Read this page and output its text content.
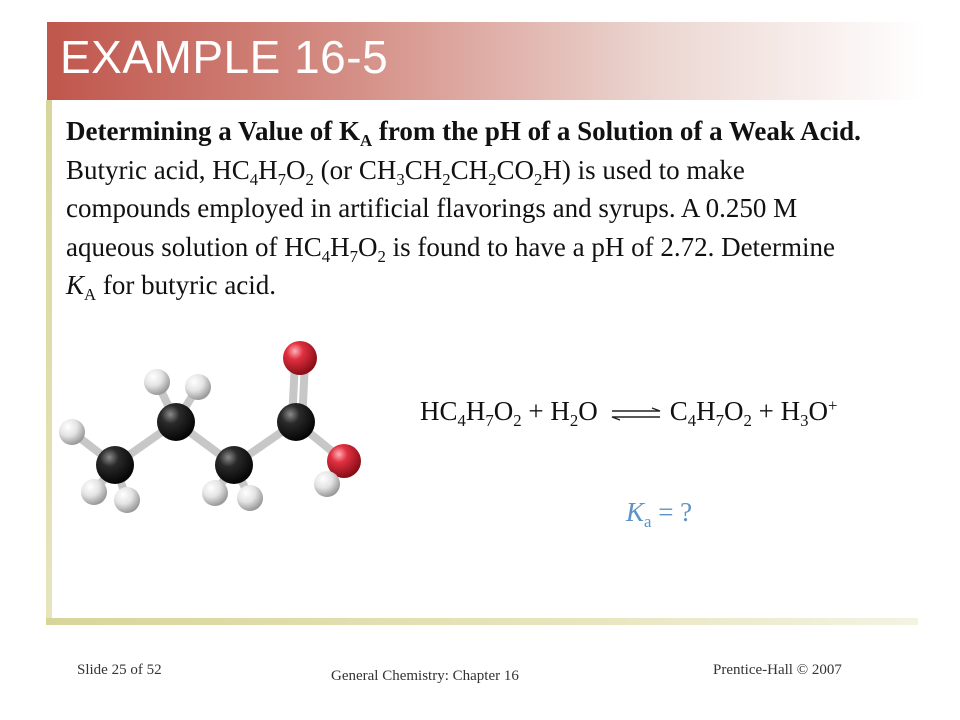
EXAMPLE 16-5

Determining a Value of $K_A$ from the pH of a Solution of a Weak Acid. Butyric acid, $HC_4H_7O_2$ (or $CH_3CH_2CH_2CO_2H$) is used to make compounds employed in artificial flavorings and syrups. A 0.250 M aqueous solution of $HC_4H_7O_2$ is found to have a pH of 2.72. Determine $K_A$ for butyric acid.

$HC_4H_7O_2 + H_2O$ ⇌ $C_4H_7O_2 + H_3O^+$
$K_a$ = ?
Slide 25 of 52	General Chemistry: Chapter 16	Prentice-Hall © 2007
